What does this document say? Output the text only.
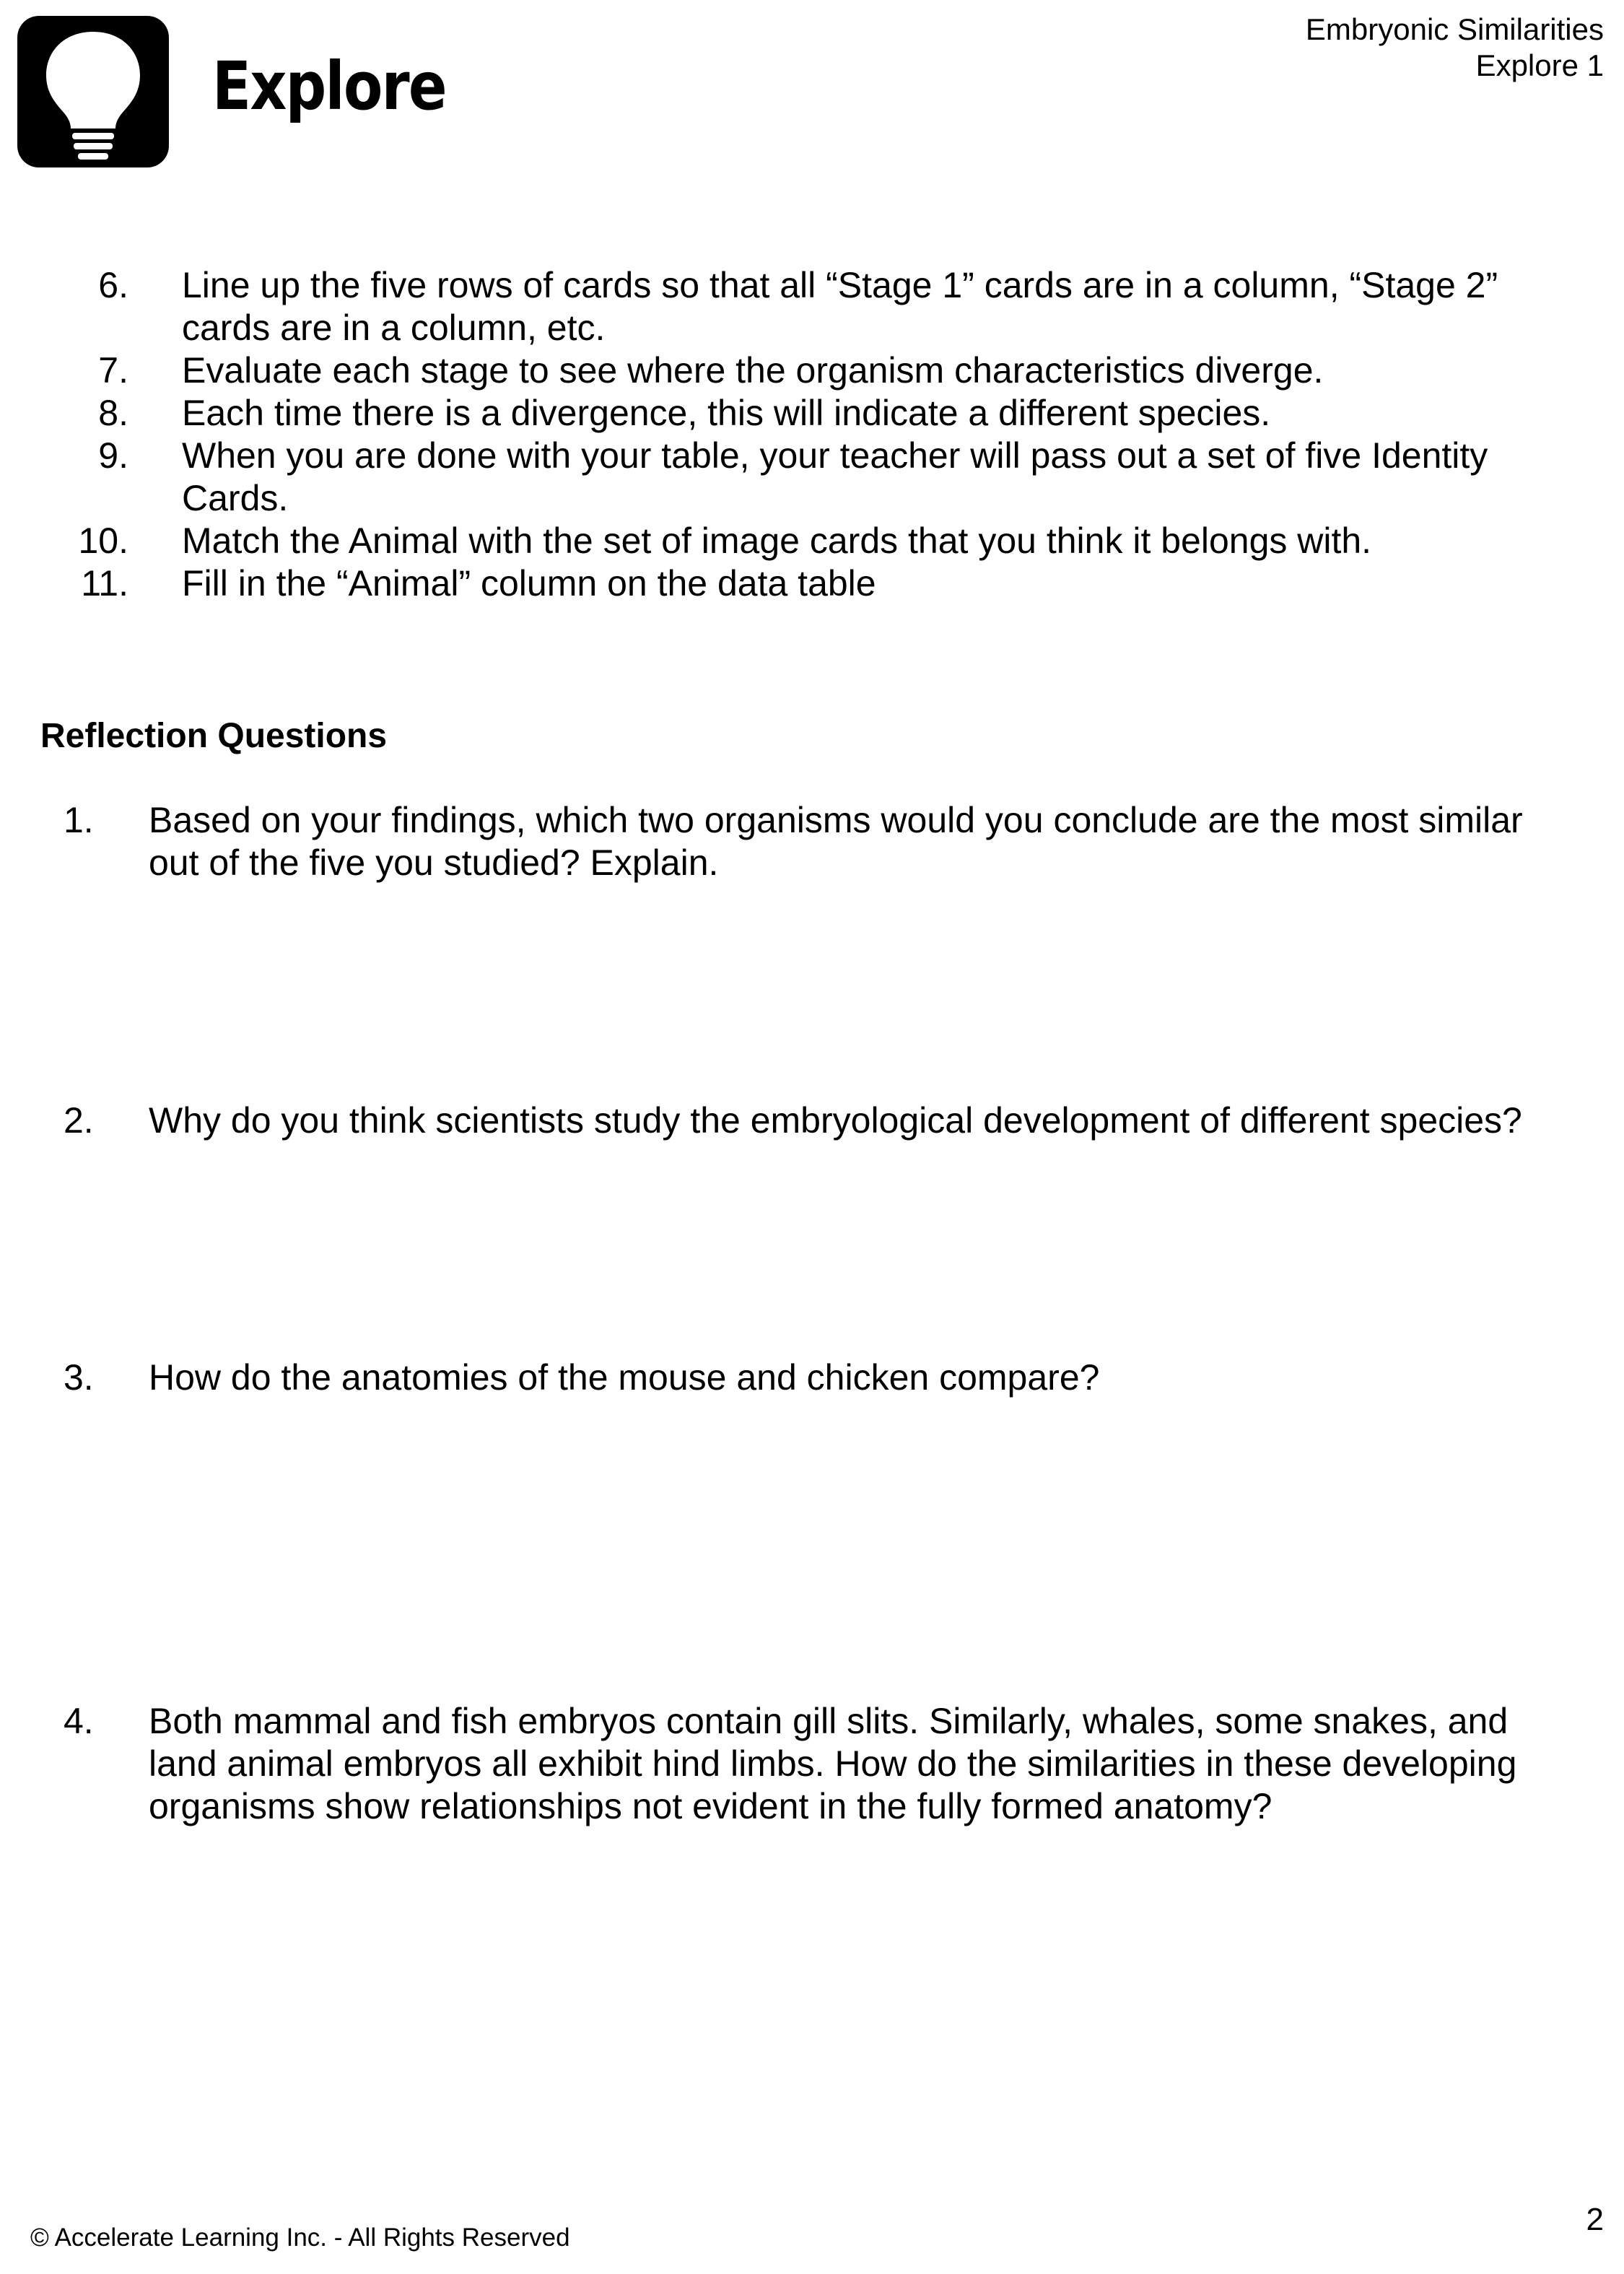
Explore
Embryonic Similarities
Explore 1
6. Line up the five rows of cards so that all “Stage 1” cards are in a column, “Stage 2” cards are in a column, etc.
7. Evaluate each stage to see where the organism characteristics diverge.
8. Each time there is a divergence, this will indicate a different species.
9. When you are done with your table, your teacher will pass out a set of five Identity Cards.
10. Match the Animal with the set of image cards that you think it belongs with.
11. Fill in the “Animal” column on the data table
Reflection Questions
1. Based on your findings, which two organisms would you conclude are the most similar out of the five you studied? Explain.
2. Why do you think scientists study the embryological development of different species?
3. How do the anatomies of the mouse and chicken compare?
4. Both mammal and fish embryos contain gill slits. Similarly, whales, some snakes, and land animal embryos all exhibit hind limbs. How do the similarities in these developing organisms show relationships not evident in the fully formed anatomy?
© Accelerate Learning Inc. - All Rights Reserved
2
